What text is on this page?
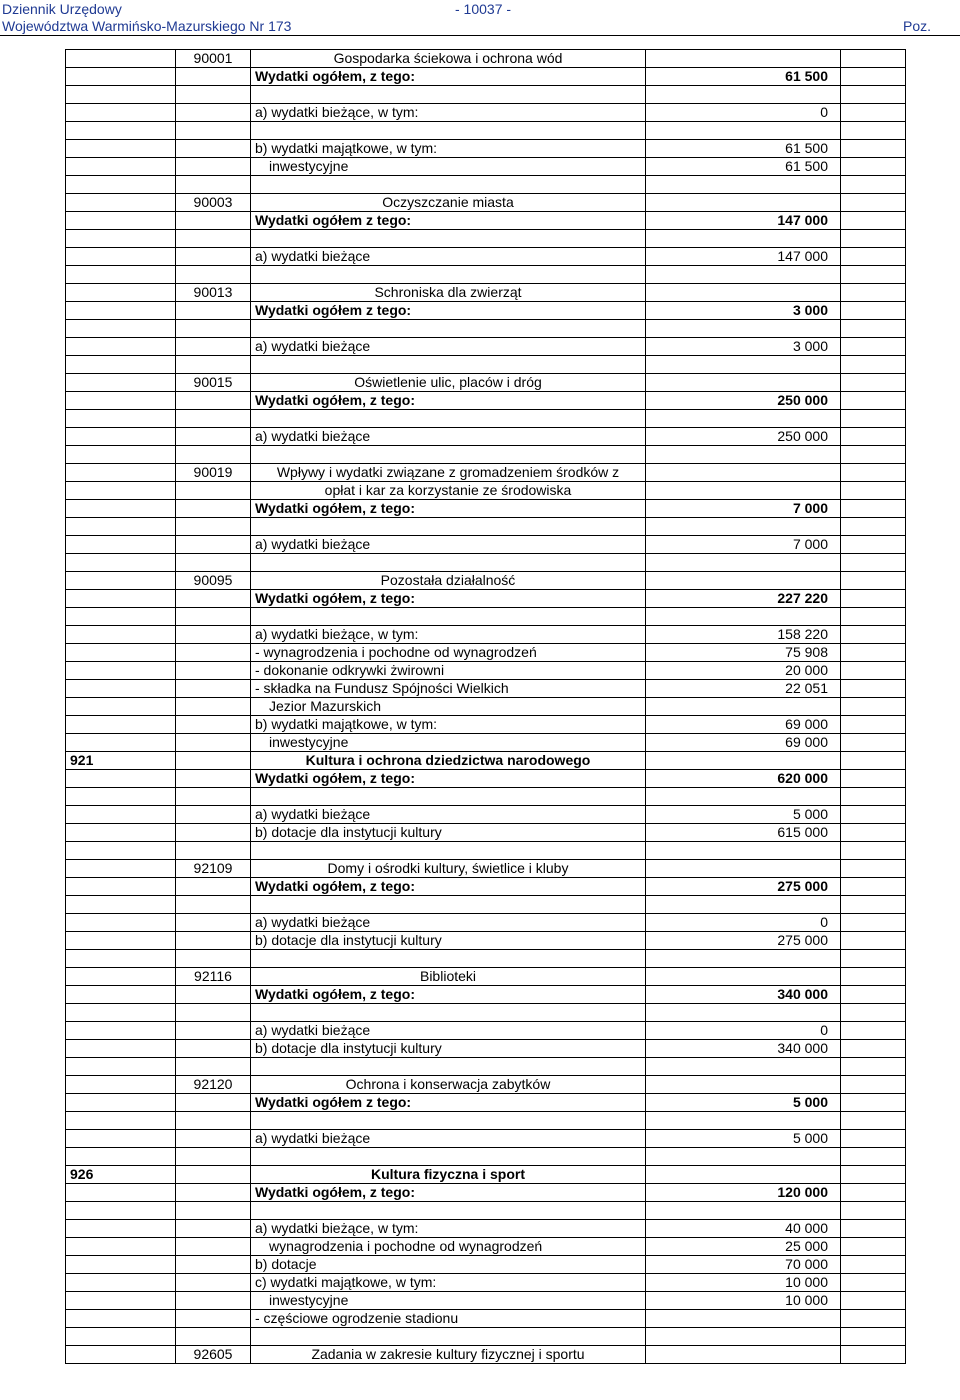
Dziennik Urzędowy
Województwa Warmińsko-Mazurskiego Nr 173
- 10037 -
Poz.
	90001	Gospodarka ściekowa i ochrona wód		
		Wydatki ogółem, z tego:	61 500	

		a) wydatki bieżące, w tym:	0	

		b) wydatki majątkowe, w tym:	61 500	
		inwestycyjne	61 500	

	90003	Oczyszczanie miasta		
		Wydatki ogółem z tego:	147 000	

		a) wydatki bieżące	147 000	

	90013	Schroniska dla zwierząt		
		Wydatki ogółem z tego:	3 000	

		a) wydatki bieżące	3 000	

	90015	Oświetlenie ulic, placów i dróg		
		Wydatki ogółem, z tego:	250 000	

		a) wydatki bieżące	250 000	

	90019	Wpływy i wydatki związane z gromadzeniem środków z		
		opłat i kar za korzystanie ze środowiska		
		Wydatki ogółem, z tego:	7 000	

		a) wydatki bieżące	7 000	

	90095	Pozostała działalność		
		Wydatki ogółem, z tego:	227 220	

		a) wydatki bieżące, w tym:	158 220	
		- wynagrodzenia i pochodne od wynagrodzeń	75 908	
		- dokonanie odkrywki żwirowni	20 000	
		- składka na Fundusz Spójności Wielkich	22 051	
		Jezior Mazurskich		
		b) wydatki majątkowe, w tym:	69 000	
		inwestycyjne	69 000	
921		Kultura i ochrona dziedzictwa narodowego		
		Wydatki ogółem, z tego:	620 000	

		a) wydatki bieżące	5 000	
		b) dotacje dla instytucji kultury	615 000	

	92109	Domy i ośrodki kultury, świetlice i kluby		
		Wydatki ogółem, z tego:	275 000	

		a) wydatki bieżące	0	
		b) dotacje dla instytucji kultury	275 000	

	92116	Biblioteki		
		Wydatki ogółem, z tego:	340 000	

		a) wydatki bieżące	0	
		b) dotacje dla instytucji kultury	340 000	

	92120	Ochrona i konserwacja zabytków		
		Wydatki ogółem z tego:	5 000	

		a) wydatki bieżące	5 000	

926		Kultura fizyczna i sport		
		Wydatki ogółem, z tego:	120 000	

		a) wydatki bieżące, w tym:	40 000	
		wynagrodzenia i pochodne od wynagrodzeń	25 000	
		b) dotacje	70 000	
		c) wydatki majątkowe, w tym:	10 000	
		inwestycyjne	10 000	
		- częściowe ogrodzenie stadionu		

	92605	Zadania w zakresie kultury fizycznej i sportu		
